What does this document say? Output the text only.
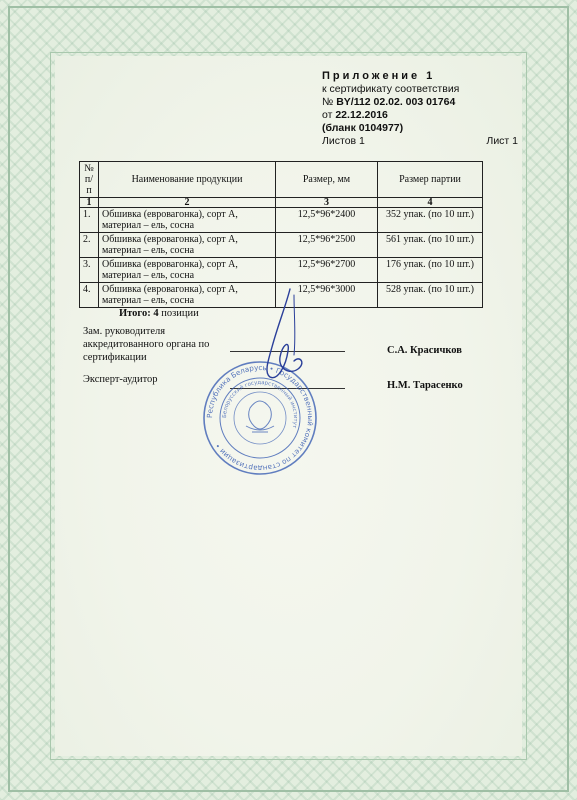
Приложение 1
к сертификату соответствия
№ BY/112 02.02. 003 01764
от 22.12.2016
(бланк 0104977)
Листов 1	Лист 1
№ п/п	Наименование продукции	Размер, мм	Размер партии
1	2	3	4
1.	Обшивка (евровагонка), сорт А,
материал – ель, сосна	12,5*96*2400	352 упак. (по 10 шт.)
2.	Обшивка (евровагонка), сорт А,
материал – ель, сосна	12,5*96*2500	561 упак. (по 10 шт.)
3.	Обшивка (евровагонка), сорт А,
материал – ель, сосна	12,5*96*2700	176 упак. (по 10 шт.)
4.	Обшивка (евровагонка), сорт А,
материал – ель, сосна	12,5*96*3000	528 упак. (по 10 шт.)
Итого: 4 позиции
Зам. руководителя
аккредитованного органа по
сертификации
С.А. Красичков
Эксперт-аудитор
Н.М. Тарасенко
Республика Беларусь • Государственный комитет по стандартизации •
Белорусский государственный институт
